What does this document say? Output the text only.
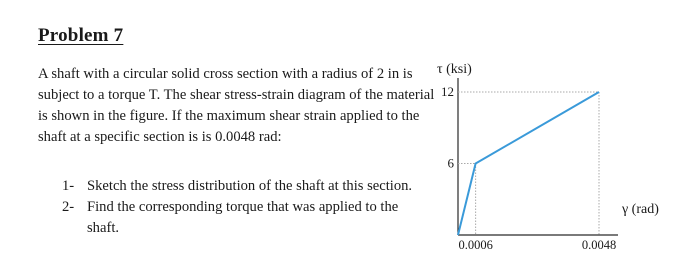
Problem 7

A shaft with a circular solid cross section with a radius of 2 in is subject to a torque T. The shear stress-strain diagram of the material is shown in the figure. If the maximum shear strain applied to the shaft at a specific section is is 0.0048 rad:

1- Sketch the stress distribution of the shaft at this section.
2- Find the corresponding torque that was applied to the shaft.
6
12
0.0006	0.0048
τ (ksi)
γ (rad)
